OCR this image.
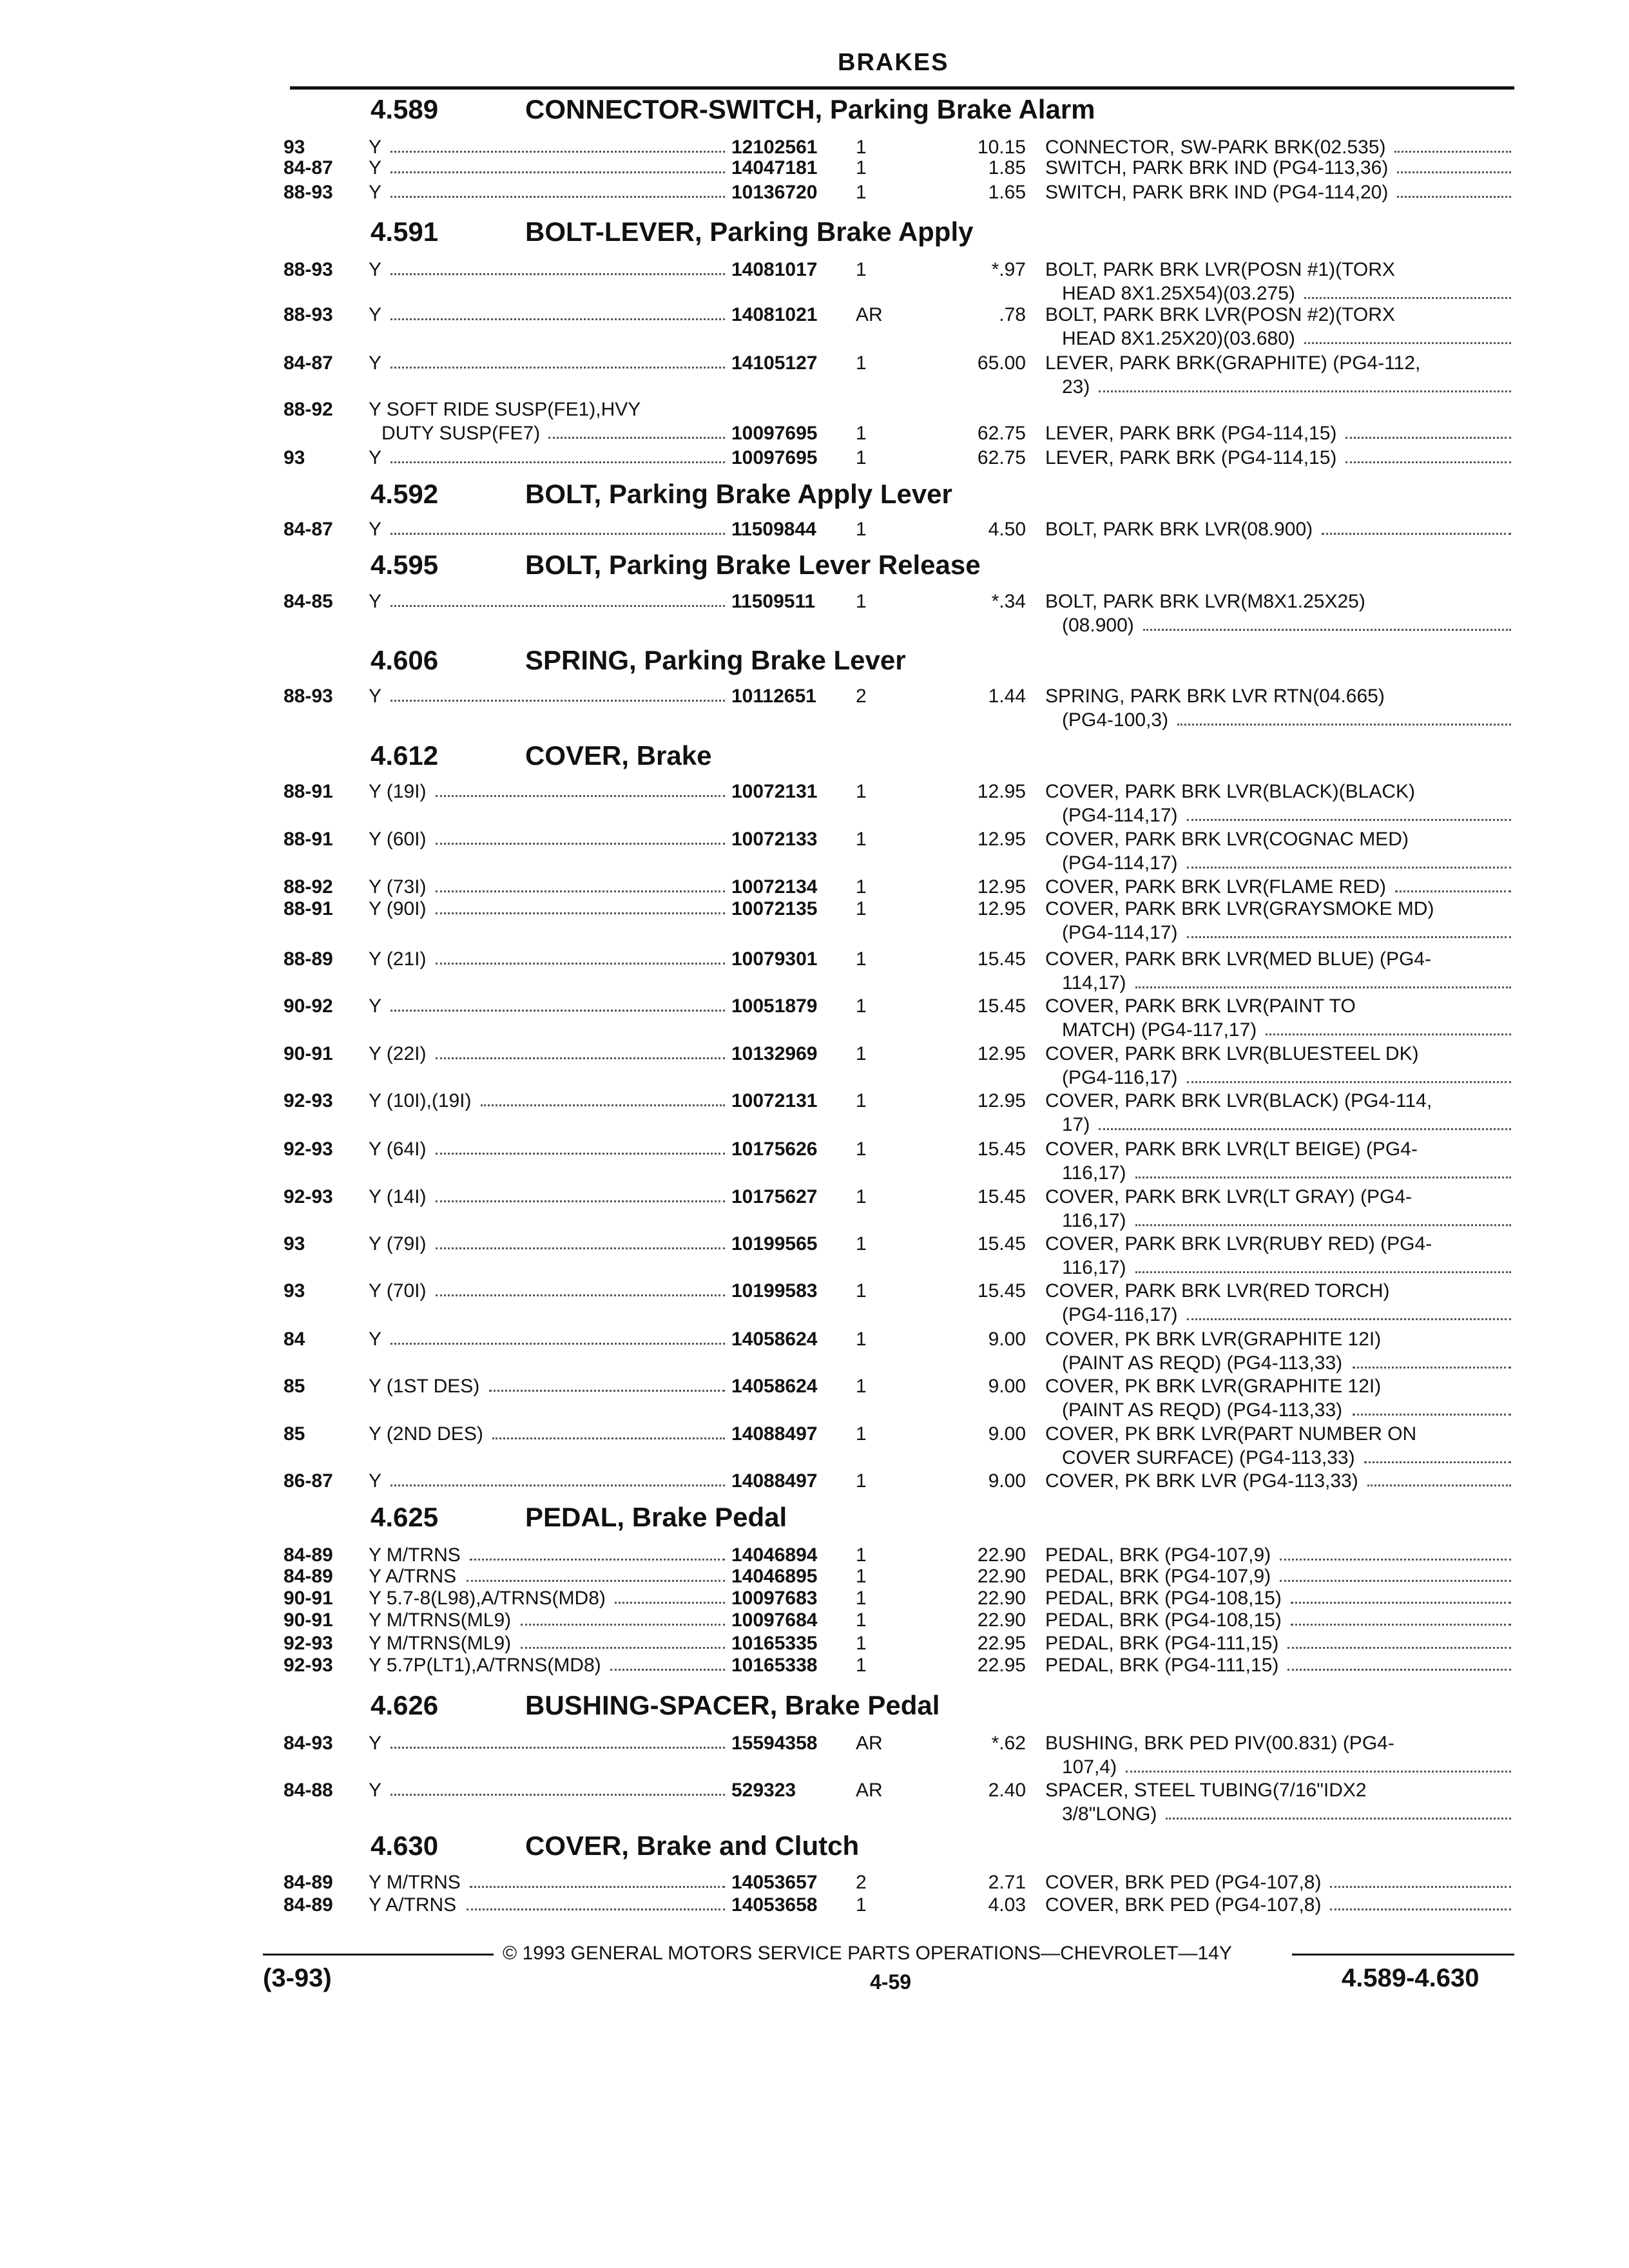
BRAKES
4.589	CONNECTOR-SWITCH, Parking Brake Alarm
93	Y	12102561 1	10.15 CONNECTOR, SW-PARK BRK(02.535)
84-87 Y	14047181 1	1.85 SWITCH, PARK BRK IND (PG4-113,36)
88-93 Y	10136720 1	1.65 SWITCH, PARK BRK IND (PG4-114,20)
4.591	BOLT-LEVER, Parking Brake Apply
88-93 Y	14081017 1	*.97 BOLT, PARK BRK LVR(POSN #1)(TORX
HEAD 8X1.25X54)(03.275)
88-93 Y	14081021 AR	.78 BOLT, PARK BRK LVR(POSN #2)(TORX
HEAD 8X1.25X20)(03.680)
84-87 Y	14105127 1	65.00 LEVER, PARK BRK(GRAPHITE) (PG4-112,
23)
88-92 Y SOFT RIDE SUSP(FE1),HVY
DUTY SUSP(FE7)	10097695 1	62.75 LEVER, PARK BRK (PG4-114,15)
93	Y	10097695 1	62.75 LEVER, PARK BRK (PG4-114,15)
4.592	BOLT, Parking Brake Apply Lever
84-87 Y	11509844 1	4.50 BOLT, PARK BRK LVR(08.900)
4.595	BOLT, Parking Brake Lever Release
84-85 Y	11509511 1	*.34 BOLT, PARK BRK LVR(M8X1.25X25)
(08.900)
4.606	SPRING, Parking Brake Lever
88-93 Y	10112651 2	1.44 SPRING, PARK BRK LVR RTN(04.665)
(PG4-100,3)
4.612	COVER, Brake
88-91 Y (19I)	10072131 1	12.95 COVER, PARK BRK LVR(BLACK)(BLACK)
(PG4-114,17)
88-91 Y (60I)	10072133 1	12.95 COVER, PARK BRK LVR(COGNAC MED)
(PG4-114,17)
88-92 Y (73I)	10072134 1	12.95 COVER, PARK BRK LVR(FLAME RED)
88-91 Y (90I)	10072135 1	12.95 COVER, PARK BRK LVR(GRAYSMOKE MD)
(PG4-114,17)
88-89 Y (21I)	10079301 1	15.45 COVER, PARK BRK LVR(MED BLUE) (PG4-
114,17)
90-92 Y	10051879 1	15.45 COVER, PARK BRK LVR(PAINT TO
MATCH) (PG4-117,17)
90-91 Y (22I)	10132969 1	12.95 COVER, PARK BRK LVR(BLUESTEEL DK)
(PG4-116,17)
92-93 Y (10I),(19I)	10072131 1	12.95 COVER, PARK BRK LVR(BLACK) (PG4-114,
17)
92-93 Y (64I)	10175626 1	15.45 COVER, PARK BRK LVR(LT BEIGE) (PG4-
116,17)
92-93 Y (14I)	10175627 1	15.45 COVER, PARK BRK LVR(LT GRAY) (PG4-
116,17)
93	Y (79I)	10199565 1	15.45 COVER, PARK BRK LVR(RUBY RED) (PG4-
116,17)
93	Y (70I)	10199583 1	15.45 COVER, PARK BRK LVR(RED TORCH)
(PG4-116,17)
84	Y	14058624 1	9.00 COVER, PK BRK LVR(GRAPHITE 12I)
(PAINT AS REQD) (PG4-113,33)
85	Y (1ST DES)	14058624 1	9.00 COVER, PK BRK LVR(GRAPHITE 12I)
(PAINT AS REQD) (PG4-113,33)
85	Y (2ND DES)	14088497 1	9.00 COVER, PK BRK LVR(PART NUMBER ON
COVER SURFACE) (PG4-113,33)
86-87 Y	14088497 1	9.00 COVER, PK BRK LVR (PG4-113,33)
4.625	PEDAL, Brake Pedal
84-89 Y M/TRNS	14046894 1	22.90 PEDAL, BRK (PG4-107,9)
84-89 Y A/TRNS	14046895 1	22.90 PEDAL, BRK (PG4-107,9)
90-91 Y 5.7-8(L98),A/TRNS(MD8)	10097683 1	22.90 PEDAL, BRK (PG4-108,15)
90-91 Y M/TRNS(ML9)	10097684 1	22.90 PEDAL, BRK (PG4-108,15)
92-93 Y M/TRNS(ML9)	10165335 1	22.95 PEDAL, BRK (PG4-111,15)
92-93 Y 5.7P(LT1),A/TRNS(MD8)	10165338 1	22.95 PEDAL, BRK (PG4-111,15)
4.626	BUSHING-SPACER, Brake Pedal
84-93 Y	15594358 AR	*.62 BUSHING, BRK PED PIV(00.831) (PG4-
107,4)
84-88 Y	529323	AR	2.40 SPACER, STEEL TUBING(7/16"IDX2
3/8"LONG)
4.630	COVER, Brake and Clutch
84-89 Y M/TRNS	14053657 2	2.71 COVER, BRK PED (PG4-107,8)
84-89 Y A/TRNS	14053658 1	4.03 COVER, BRK PED (PG4-107,8)
© 1993 GENERAL MOTORS SERVICE PARTS OPERATIONS—CHEVROLET—14Y
(3-93)	4-59	4.589-4.630
